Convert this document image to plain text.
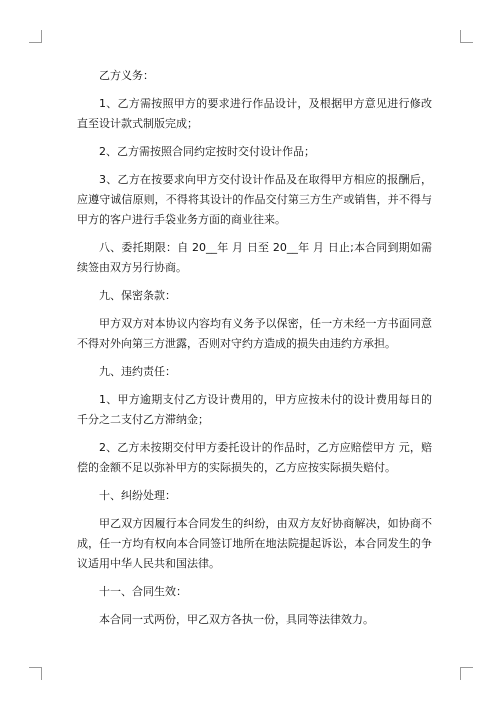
乙方义务：

1、乙方需按照甲方的要求进行作品设计，及根据甲方意见进行修改直至设计款式制版完成；

2、乙方需按照合同约定按时交付设计作品；

3、乙方在按要求向甲方交付设计作品及在取得甲方相应的报酬后，应遵守诚信原则，不得将其设计的作品交付第三方生产或销售，并不得与甲方的客户进行手袋业务方面的商业往来。

八、委托期限：自 20__年 月 日至 20__年 月 日止;本合同到期如需续签由双方另行协商。

九、保密条款：

甲方双方对本协议内容均有义务予以保密，任一方未经一方书面同意不得对外向第三方泄露，否则对守约方造成的损失由违约方承担。

九、违约责任：

1、甲方逾期支付乙方设计费用的，甲方应按未付的设计费用每日的千分之二支付乙方滞纳金；

2、乙方未按期交付甲方委托设计的作品时，乙方应赔偿甲方 元，赔偿的金额不足以弥补甲方的实际损失的，乙方应按实际损失赔付。

十、纠纷处理：

甲乙双方因履行本合同发生的纠纷，由双方友好协商解决，如协商不成，任一方均有权向本合同签订地所在地法院提起诉讼，本合同发生的争议适用中华人民共和国法律。

十一、合同生效：

本合同一式两份，甲乙双方各执一份，具同等法律效力。
